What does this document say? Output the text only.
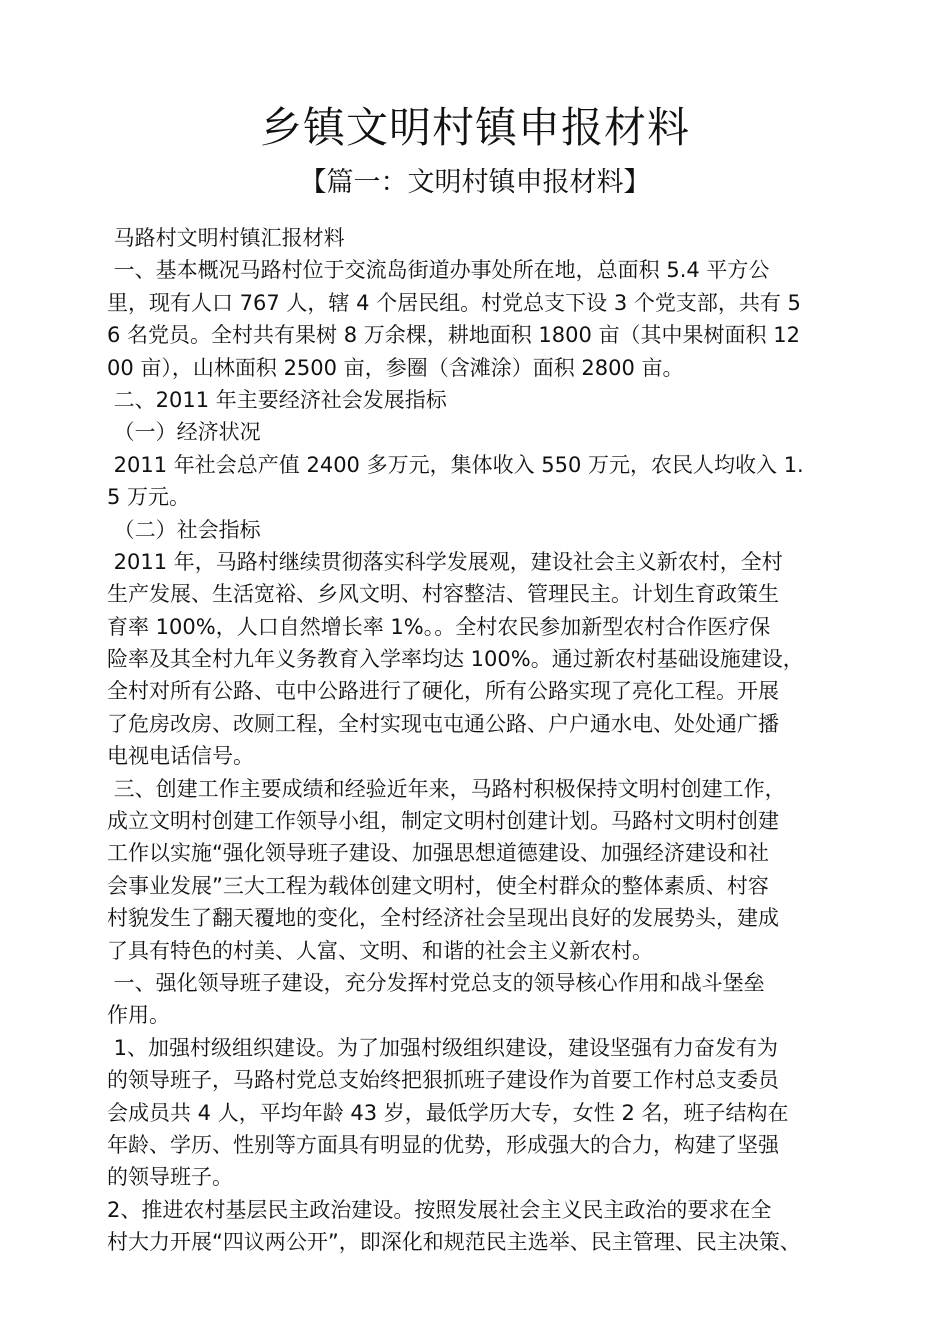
乡镇文明村镇申报材料
【篇一：文明村镇申报材料】
马路村文明村镇汇报材料
一、基本概况马路村位于交流岛街道办事处所在地，总面积 5.4 平方公
里，现有人口 767 人，辖 4 个居民组。村党总支下设 3 个党支部，共有 5
6 名党员。全村共有果树 8 万余棵，耕地面积 1800 亩（其中果树面积 12
00 亩），山林面积 2500 亩，参圈（含滩涂）面积 2800 亩。
二、2011 年主要经济社会发展指标
（一）经济状况
2011 年社会总产值 2400 多万元，集体收入 550 万元，农民人均收入 1.
5 万元。
（二）社会指标
2011 年，马路村继续贯彻落实科学发展观，建设社会主义新农村，全村
生产发展、生活宽裕、乡风文明、村容整洁、管理民主。计划生育政策生
育率 100%，人口自然增长率 1%。。全村农民参加新型农村合作医疗保
险率及其全村九年义务教育入学率均达 100%。通过新农村基础设施建设，
全村对所有公路、屯中公路进行了硬化，所有公路实现了亮化工程。开展
了危房改房、改厕工程，全村实现屯屯通公路、户户通水电、处处通广播
电视电话信号。
三、创建工作主要成绩和经验近年来，马路村积极保持文明村创建工作，
成立文明村创建工作领导小组，制定文明村创建计划。马路村文明村创建
工作以实施“强化领导班子建设、加强思想道德建设、加强经济建设和社
会事业发展”三大工程为载体创建文明村，使全村群众的整体素质、村容
村貌发生了翻天覆地的变化，全村经济社会呈现出良好的发展势头，建成
了具有特色的村美、人富、文明、和谐的社会主义新农村。
一、强化领导班子建设，充分发挥村党总支的领导核心作用和战斗堡垒
作用。
1、加强村级组织建设。为了加强村级组织建设，建设坚强有力奋发有为
的领导班子，马路村党总支始终把狠抓班子建设作为首要工作村总支委员
会成员共 4 人，平均年龄 43 岁，最低学历大专，女性 2 名，班子结构在
年龄、学历、性别等方面具有明显的优势，形成强大的合力，构建了坚强
的领导班子。
2、推进农村基层民主政治建设。按照发展社会主义民主政治的要求在全
村大力开展“四议两公开”，即深化和规范民主选举、民主管理、民主决策、
